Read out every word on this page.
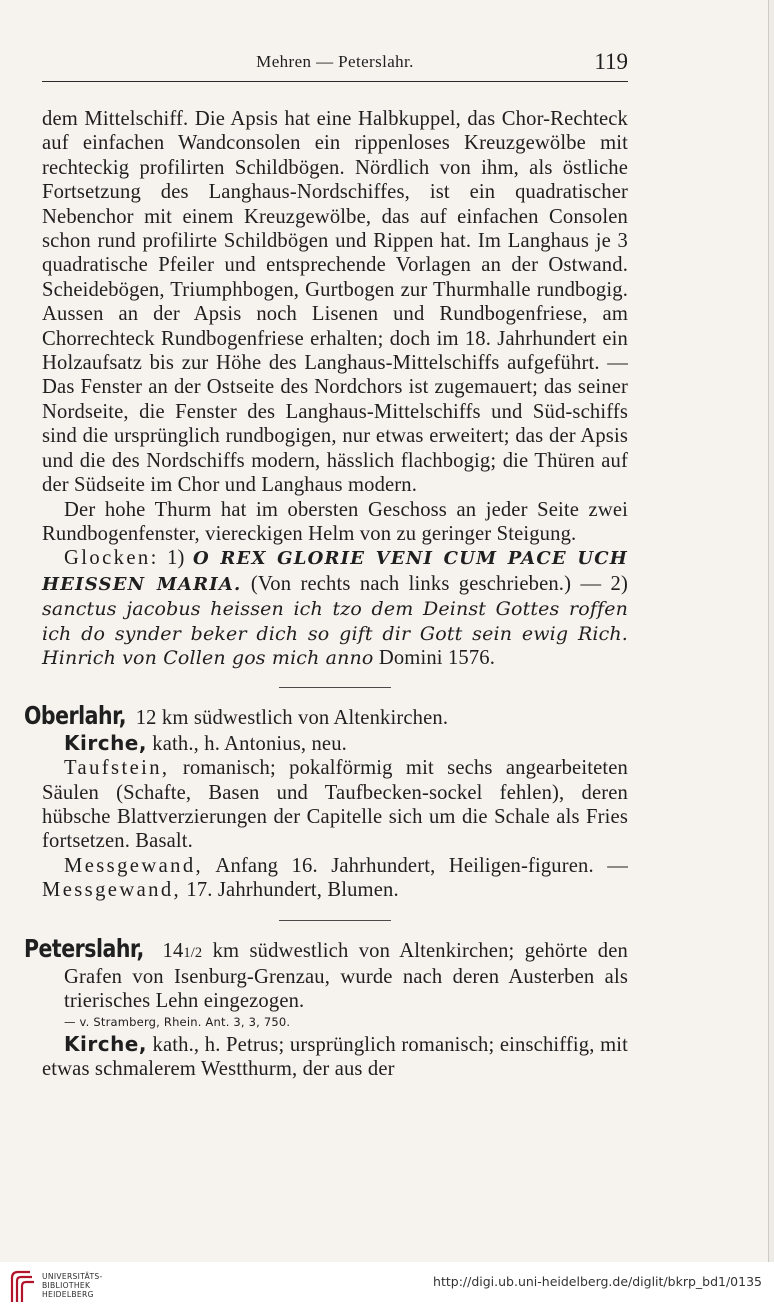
Mehren — Peterslahr.	119

dem Mittelschiff. Die Apsis hat eine Halbkuppel, das Chor-Rechteck auf einfachen Wandconsolen ein rippenloses Kreuzgewölbe mit rechteckig profilirten Schildbögen. Nördlich von ihm, als östliche Fortsetzung des Langhaus-Nordschiffes, ist ein quadratischer Nebenchor mit einem Kreuzgewölbe, das auf einfachen Consolen schon rund profilirte Schildbögen und Rippen hat. Im Langhaus je 3 quadratische Pfeiler und entsprechende Vorlagen an der Ostwand. Scheidebögen, Triumphbogen, Gurtbogen zur Thurmhalle rundbogig. Aussen an der Apsis noch Lisenen und Rundbogenfriese, am Chorrechteck Rundbogenfriese erhalten; doch im 18. Jahrhundert ein Holzaufsatz bis zur Höhe des Langhaus-Mittelschiffs aufgeführt. — Das Fenster an der Ostseite des Nordchors ist zugemauert; das seiner Nordseite, die Fenster des Langhaus-Mittelschiffs und Süd-schiffs sind die ursprünglich rundbogigen, nur etwas erweitert; das der Apsis und die des Nordschiffs modern, hässlich flachbogig; die Thüren auf der Südseite im Chor und Langhaus modern.

Der hohe Thurm hat im obersten Geschoss an jeder Seite zwei Rundbogenfenster, viereckigen Helm von zu geringer Steigung.

Glocken: 1) O REX GLORIE VENI CUM PACE UCH HEISSEN MARIA. (Von rechts nach links geschrieben.) — 2) sanctus jacobus heissen ich tzo dem Deinst Gottes roffen ich do synder beker dich so gift dir Gott sein ewig Rich. Hinrich von Collen gos mich anno Domini 1576.

Oberlahr, 12 km südwestlich von Altenkirchen.

Kirche, kath., h. Antonius, neu.

Taufstein, romanisch; pokalförmig mit sechs angearbeiteten Säulen (Schafte, Basen und Taufbecken-sockel fehlen), deren hübsche Blattverzierungen der Capitelle sich um die Schale als Fries fortsetzen. Basalt.

Messgewand, Anfang 16. Jahrhundert, Heiligen-figuren. — Messgewand, 17. Jahrhundert, Blumen.

Peterslahr, 141/2 km südwestlich von Altenkirchen; gehörte den Grafen von Isenburg-Grenzau, wurde nach deren Austerben als trierisches Lehn eingezogen.

— v. Stramberg, Rhein. Ant. 3, 3, 750.

Kirche, kath., h. Petrus; ursprünglich romanisch; einschiffig, mit etwas schmalerem Westthurm, der aus der

UNIVERSITÄTS-
BIBLIOTHEK
HEIDELBERG
http://digi.ub.uni-heidelberg.de/diglit/bkrp_bd1/0135
